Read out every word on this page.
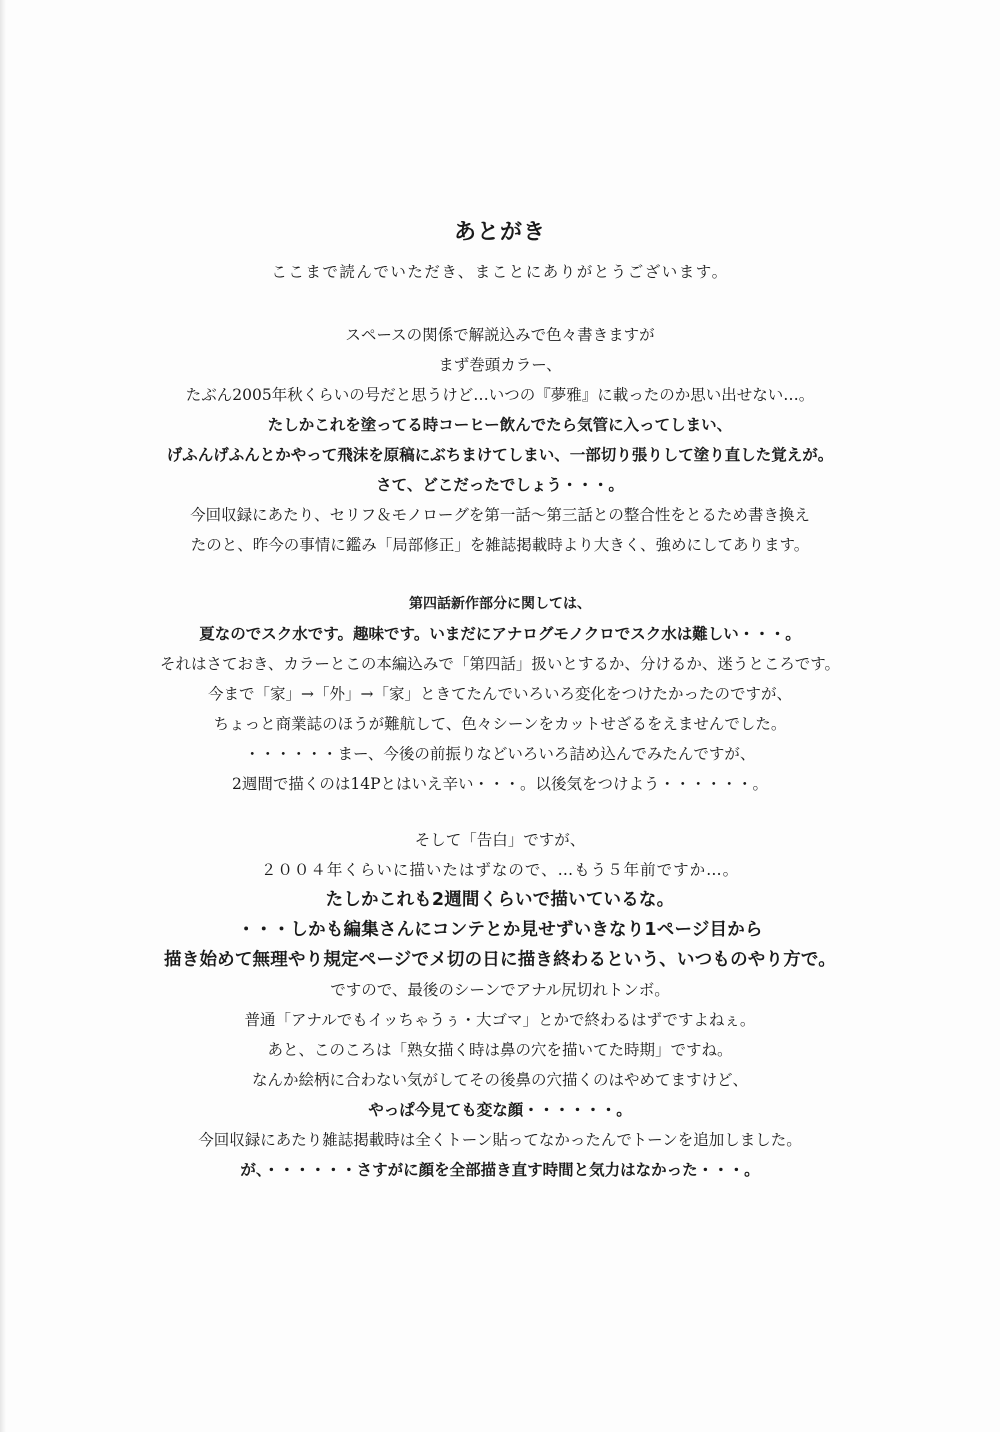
あとがき
ここまで読んでいただき、まことにありがとうございます。
スペースの関係で解説込みで色々書きますが
まず巻頭カラー、
たぶん2005年秋くらいの号だと思うけど…いつの『夢雅』に載ったのか思い出せない…。
たしかこれを塗ってる時コーヒー飲んでたら気管に入ってしまい、
げふんげふんとかやって飛沫を原稿にぶちまけてしまい、一部切り張りして塗り直した覚えが。
さて、どこだったでしょう・・・。
今回収録にあたり、セリフ＆モノローグを第一話〜第三話との整合性をとるため書き換え
たのと、昨今の事情に鑑み「局部修正」を雑誌掲載時より大きく、強めにしてあります。
第四話新作部分に関しては、
夏なのでスク水です。趣味です。いまだにアナログモノクロでスク水は難しい・・・。
それはさておき、カラーとこの本編込みで「第四話」扱いとするか、分けるか、迷うところです。
今まで「家」→「外」→「家」ときてたんでいろいろ変化をつけたかったのですが、
ちょっと商業誌のほうが難航して、色々シーンをカットせざるをえませんでした。
・・・・・・まー、今後の前振りなどいろいろ詰め込んでみたんですが、
2週間で描くのは14Pとはいえ辛い・・・。以後気をつけよう・・・・・・。
そして「告白」ですが、
２００４年くらいに描いたはずなので、…もう５年前ですか…。
たしかこれも2週間くらいで描いているな。
・・・しかも編集さんにコンテとか見せずいきなり1ページ目から
描き始めて無理やり規定ページでメ切の日に描き終わるという、いつものやり方で。
ですので、最後のシーンでアナル尻切れトンボ。
普通「アナルでもイッちゃうぅ・大ゴマ」とかで終わるはずですよねぇ。
あと、このころは「熟女描く時は鼻の穴を描いてた時期」ですね。
なんか絵柄に合わない気がしてその後鼻の穴描くのはやめてますけど、
やっぱ今見ても変な顔・・・・・・。
今回収録にあたり雑誌掲載時は全くトーン貼ってなかったんでトーンを追加しました。
が、・・・・・・さすがに顔を全部描き直す時間と気力はなかった・・・。
